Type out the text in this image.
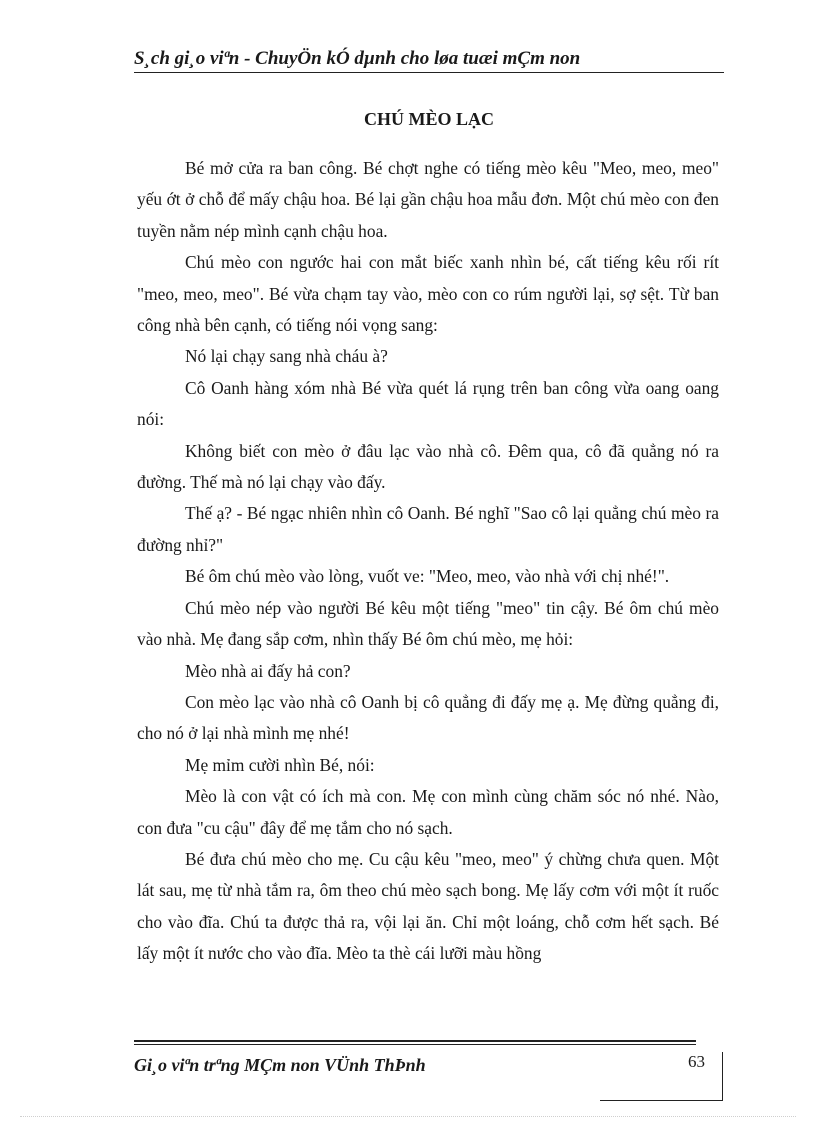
S¸ch gi¸o viªn - ChuyÖn kÓ dµnh cho løa tuæi mÇm non
CHÚ MÈO LẠC

Bé mở cửa ra ban công. Bé chợt nghe có tiếng mèo kêu "Meo, meo, meo" yếu ớt ở chỗ để mấy chậu hoa. Bé lại gần chậu hoa mẫu đơn. Một chú mèo con đen tuyền nằm nép mình cạnh chậu hoa.

Chú mèo con ngước hai con mắt biếc xanh nhìn bé, cất tiếng kêu rối rít "meo, meo, meo". Bé vừa chạm tay vào, mèo con co rúm người lại, sợ sệt. Từ ban công nhà bên cạnh, có tiếng nói vọng sang:

Nó lại chạy sang nhà cháu à?

Cô Oanh hàng xóm nhà Bé vừa quét lá rụng trên ban công vừa oang oang nói:

Không biết con mèo ở đâu lạc vào nhà cô. Đêm qua, cô đã quẳng nó ra đường. Thế mà nó lại chạy vào đấy.

Thế ạ? - Bé ngạc nhiên nhìn cô Oanh. Bé nghĩ "Sao cô lại quẳng chú mèo ra đường nhỉ?"

Bé ôm chú mèo vào lòng, vuốt ve: "Meo, meo, vào nhà với chị nhé!".

Chú mèo nép vào người Bé kêu một tiếng "meo" tin cậy. Bé ôm chú mèo vào nhà. Mẹ đang sắp cơm, nhìn thấy Bé ôm chú mèo, mẹ hỏi:

Mèo nhà ai đấy hả con?

Con mèo lạc vào nhà cô Oanh bị cô quẳng đi đấy mẹ ạ. Mẹ đừng quẳng đi, cho nó ở lại nhà mình mẹ nhé!

Mẹ mỉm cười nhìn Bé, nói:

Mèo là con vật có ích mà con. Mẹ con mình cùng chăm sóc nó nhé. Nào, con đưa "cu cậu" đây để mẹ tắm cho nó sạch.

Bé đưa chú mèo cho mẹ. Cu cậu kêu "meo, meo" ý chừng chưa quen. Một lát sau, mẹ từ nhà tắm ra, ôm theo chú mèo sạch bong. Mẹ lấy cơm với một ít ruốc cho vào đĩa. Chú ta được thả ra, vội lại ăn. Chỉ một loáng, chỗ cơm hết sạch. Bé lấy một ít nước cho vào đĩa. Mèo ta thè cái lưỡi màu hồng

Gi¸o viªn trªng MÇm non VÜnh ThÞnh	63
